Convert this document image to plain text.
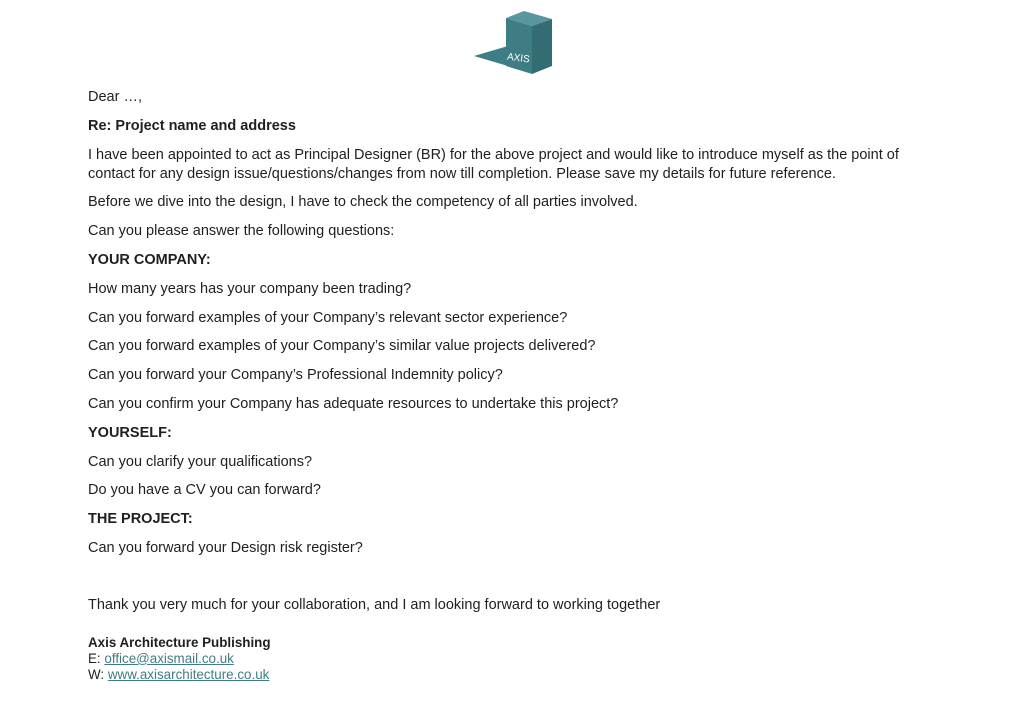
AXIS

Dear …,

Re: Project name and address

I have been appointed to act as Principal Designer (BR) for the above project and would like to introduce myself as the point of contact for any design issue/questions/changes from now till completion. Please save my details for future reference.

Before we dive into the design, I have to check the competency of all parties involved.

Can you please answer the following questions:

YOUR COMPANY:

How many years has your company been trading?

Can you forward examples of your Company’s relevant sector experience?

Can you forward examples of your Company’s similar value projects delivered?

Can you forward your Company’s Professional Indemnity policy?

Can you confirm your Company has adequate resources to undertake this project?

YOURSELF:

Can you clarify your qualifications?

Do you have a CV you can forward?

THE PROJECT:

Can you forward your Design risk register?

Thank you very much for your collaboration, and I am looking forward to working together

Axis Architecture Publishing
E: office@axismail.co.uk
W: www.axisarchitecture.co.uk
